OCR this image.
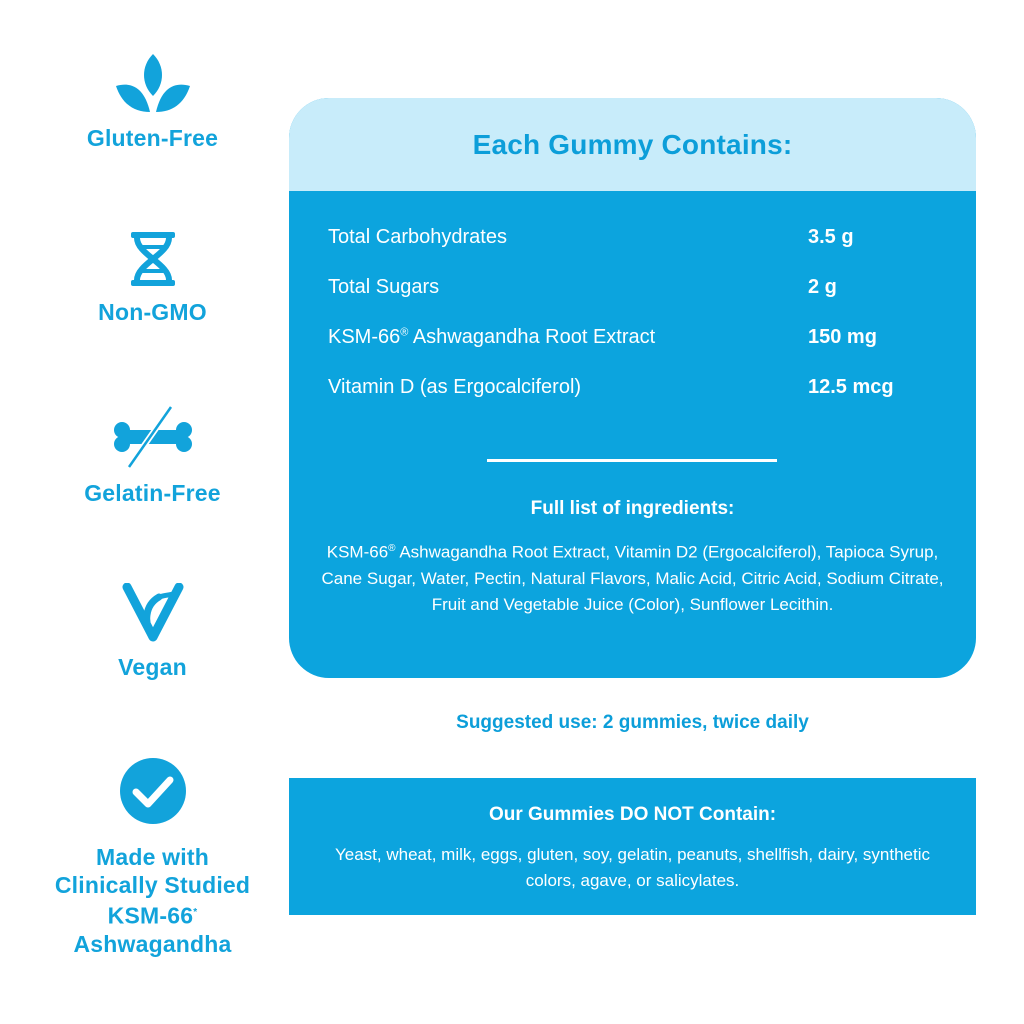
Gluten-Free
Non-GMO
Gelatin-Free
Vegan
Made with
Clinically Studied
KSM-66*
Ashwagandha
Each Gummy Contains:
Total Carbohydrates	3.5 g
Total Sugars	2 g
KSM-66® Ashwagandha Root Extract	150 mg
Vitamin D (as Ergocalciferol)	12.5 mcg
Full list of ingredients:
KSM-66® Ashwagandha Root Extract, Vitamin D2 (Ergocalciferol), Tapioca Syrup, Cane Sugar, Water, Pectin, Natural Flavors, Malic Acid, Citric Acid, Sodium Citrate, Fruit and Vegetable Juice (Color), Sunflower Lecithin.
Suggested use: 2 gummies, twice daily
Our Gummies DO NOT Contain:
Yeast, wheat, milk, eggs, gluten, soy, gelatin, peanuts, shellfish, dairy, synthetic colors, agave, or salicylates.
